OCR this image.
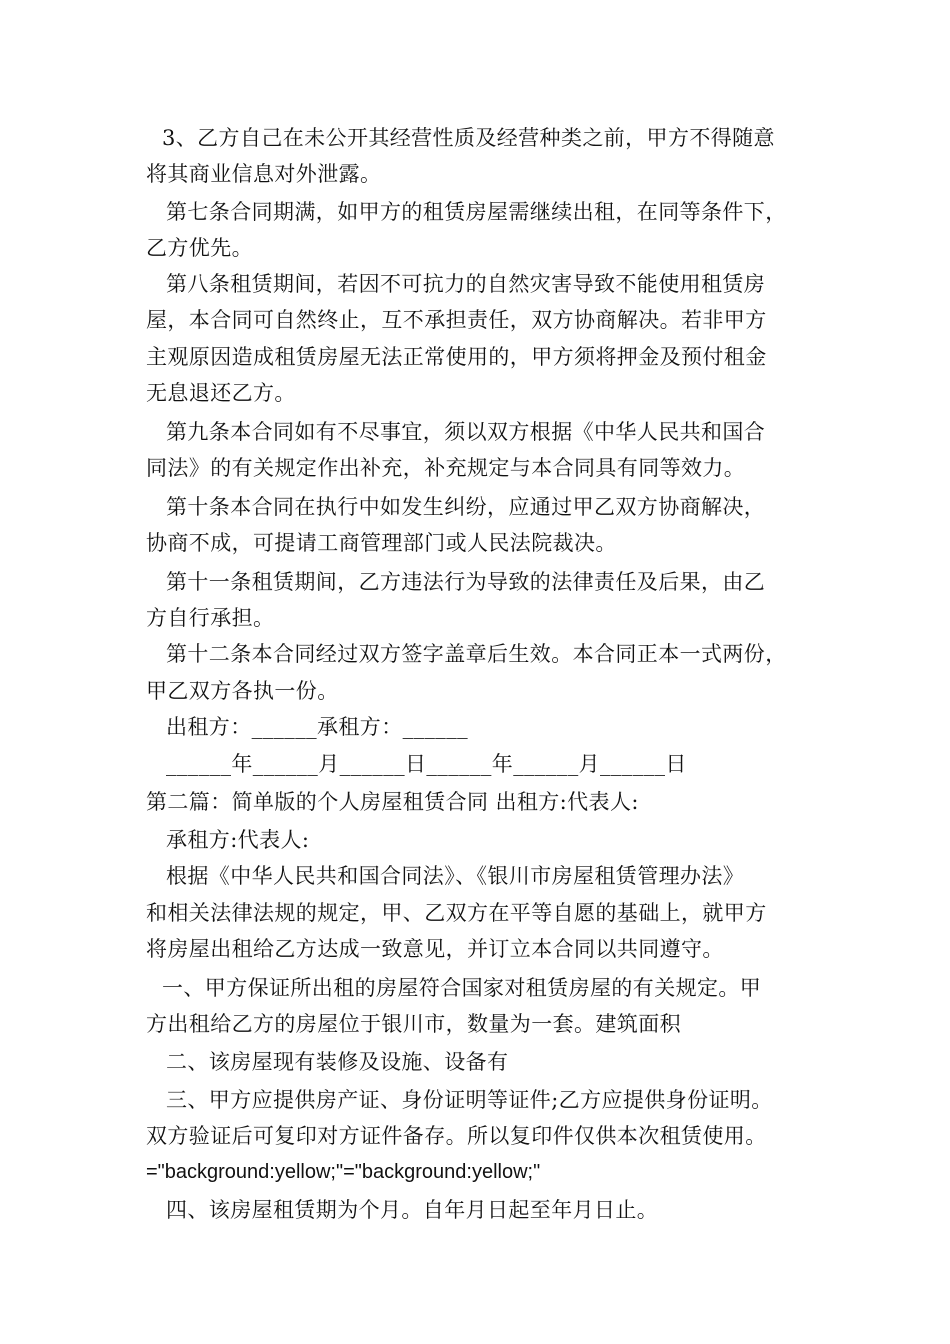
3、乙方自己在未公开其经营性质及经营种类之前，甲方不得随意
将其商业信息对外泄露。
第七条合同期满，如甲方的租赁房屋需继续出租，在同等条件下，
乙方优先。
第八条租赁期间，若因不可抗力的自然灾害导致不能使用租赁房
屋，本合同可自然终止，互不承担责任，双方协商解决。若非甲方
主观原因造成租赁房屋无法正常使用的，甲方须将押金及预付租金
无息退还乙方。
第九条本合同如有不尽事宜，须以双方根据《中华人民共和国合
同法》的有关规定作出补充，补充规定与本合同具有同等效力。
第十条本合同在执行中如发生纠纷，应通过甲乙双方协商解决，
协商不成，可提请工商管理部门或人民法院裁决。
第十一条租赁期间，乙方违法行为导致的法律责任及后果，由乙
方自行承担。
第十二条本合同经过双方签字盖章后生效。本合同正本一式两份，
甲乙双方各执一份。
出租方：______承租方：______
______年______月______日______年______月______日
第二篇：简单版的个人房屋租赁合同 出租方:代表人:
承租方:代表人:
根据《中华人民共和国合同法》、《银川市房屋租赁管理办法》
和相关法律法规的规定，甲、乙双方在平等自愿的基础上，就甲方
将房屋出租给乙方达成一致意见，并订立本合同以共同遵守。
一、甲方保证所出租的房屋符合国家对租赁房屋的有关规定。甲
方出租给乙方的房屋位于银川市，数量为一套。建筑面积
二、该房屋现有装修及设施、设备有
三、甲方应提供房产证、身份证明等证件;乙方应提供身份证明。
双方验证后可复印对方证件备存。所以复印件仅供本次租赁使用。
="background:yellow;"="background:yellow;"
四、该房屋租赁期为个月。自年月日起至年月日止。
